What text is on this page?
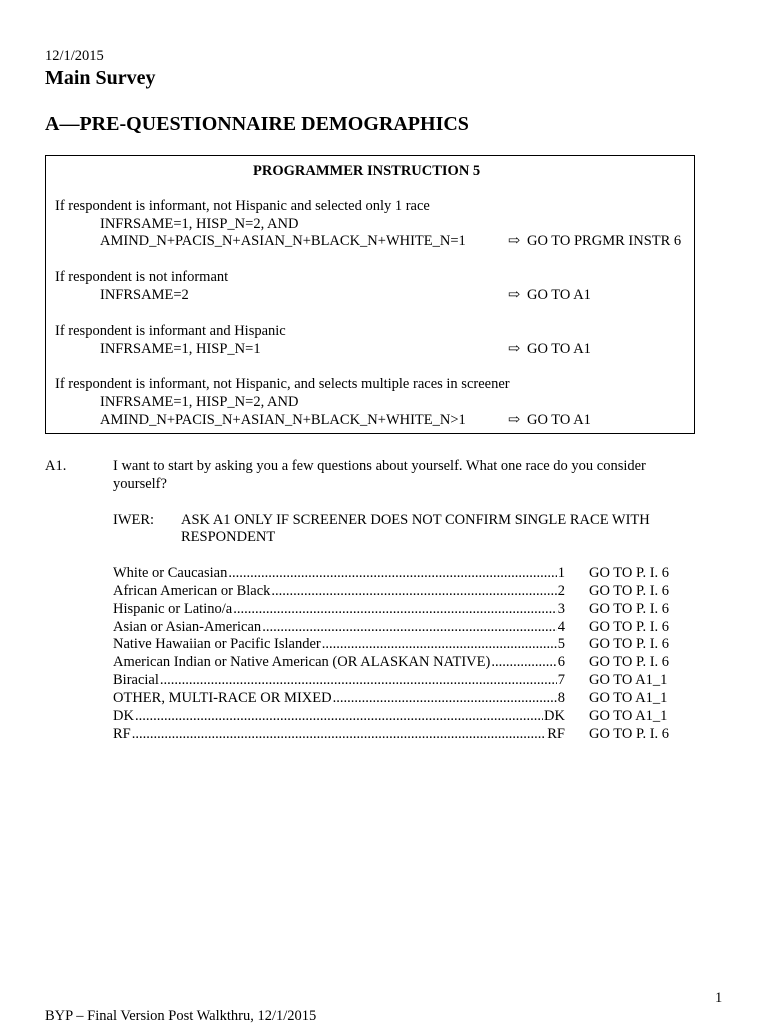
12/1/2015
Main Survey
A—PRE-QUESTIONNAIRE DEMOGRAPHICS
PROGRAMMER INSTRUCTION 5
If respondent is informant, not Hispanic and selected only 1 race
INFRSAME=1, HISP_N=2, AND
AMIND_N+PACIS_N+ASIAN_N+BLACK_N+WHITE_N=1	⇨ GO TO PRGMR INSTR 6
If respondent is not informant
INFRSAME=2	⇨ GO TO A1
If respondent is informant and Hispanic
INFRSAME=1, HISP_N=1	⇨ GO TO A1
If respondent is informant, not Hispanic, and selects multiple races in screener
INFRSAME=1, HISP_N=2, AND
AMIND_N+PACIS_N+ASIAN_N+BLACK_N+WHITE_N>1	⇨ GO TO A1
A1.	I want to start by asking you a few questions about yourself. What one race do you consider
yourself?
IWER: ASK A1 ONLY IF SCREENER DOES NOT CONFIRM SINGLE RACE WITH
RESPONDENT
White or Caucasian .....	1 GO TO P. I. 6
African American or Black .....	2 GO TO P. I. 6
Hispanic or Latino/a .....	3 GO TO P. I. 6
Asian or Asian-American .....	4 GO TO P. I. 6
Native Hawaiian or Pacific Islander .....	5 GO TO P. I. 6
American Indian or Native American (OR ALASKAN NATIVE) .....	6 GO TO P. I. 6
Biracial .....	7 GO TO A1_1
OTHER, MULTI-RACE OR MIXED .....	8 GO TO A1_1
DK .....	DK GO TO A1_1
RF .....	RF GO TO P. I. 6
1
BYP – Final Version Post Walkthru, 12/1/2015
